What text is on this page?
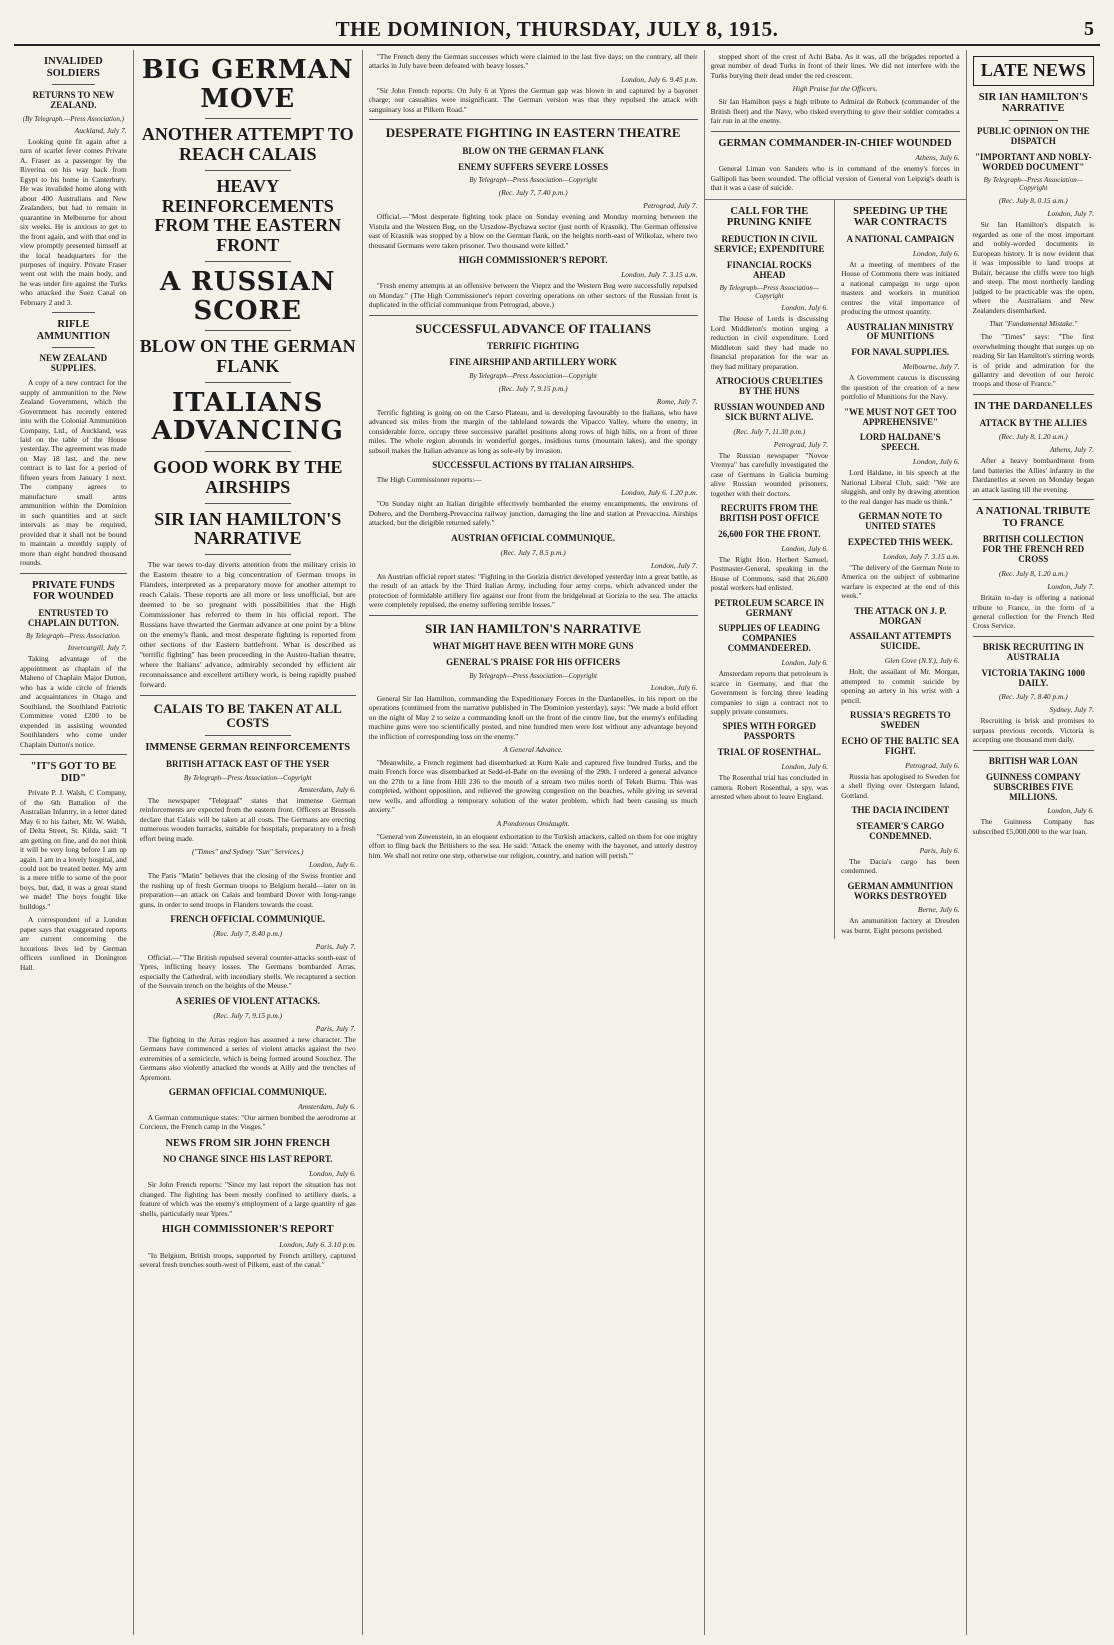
THE DOMINION, THURSDAY, JULY 8, 1915.	5
INVALIDED SOLDIERS
RETURNS TO NEW ZEALAND.
(By Telegraph.—Press Association.)
Auckland, July 7.

Looking quite fit again after a turn of scarlet fever comes Private A. Fraser as a passenger by the Riverina on his way back from Egypt to his home in Canterbury. He was invalided home along with about 400 Australians and New Zealanders, but had to remain in quarantine in Melbourne for about six weeks. He is anxious to get to the front again, and with that end in view promptly presented himself at the local headquarters for the purposes of inquiry. Private Fraser went out with the main body, and he was under fire against the Turks who attacked the Suez Canal on February 2 and 3.

RIFLE AMMUNITION
NEW ZEALAND SUPPLIES.

A copy of a new contract for the supply of ammunition to the New Zealand Government, which the Government has recently entered into with the Colonial Ammunition Company, Ltd., of Auckland, was laid on the table of the House yesterday. The agreement was made on May 18 last, and the new contract is to last for a period of fifteen years from January 1 next. The company agrees to manufacture small arms ammunition within the Dominion in such quantities and at such intervals as may be required, provided that it shall not be bound to maintain a monthly supply of more than eight hundred thousand rounds.

PRIVATE FUNDS FOR WOUNDED
ENTRUSTED TO CHAPLAIN DUTTON.
By Telegraph—Press Association.
Invercargill, July 7.

Taking advantage of the appointment as chaplain of the Maheno of Chaplain Major Dutton, who has a wide circle of friends and acquaintances in Otago and Southland, the Southland Patriotic Committee voted £200 to be expended in assisting wounded Southlanders who come under Chaplain Dutton's notice.

"IT'S GOT TO BE DID"

Private P. J. Walsh, C Company, of the 6th Battalion of the Australian Infantry, in a letter dated May 6 to his father, Mr. W. Walsh, of Delta Street, St. Kilda, said: "I am getting on fine, and do not think it will be very long before I am up again. I am in a lovely hospital, and could not be treated better. My arm is a mere trifle to some of the poor boys, but, dad, it was a great stand we made! The boys fought like bulldogs."

A correspondent of a London paper says that exaggerated reports are current concerning the luxurious lives led by German officers confined in Donington Hall.

BIG GERMAN MOVE
ANOTHER ATTEMPT TO REACH CALAIS
HEAVY REINFORCEMENTS FROM THE EASTERN FRONT
A RUSSIAN SCORE
BLOW ON THE GERMAN FLANK
ITALIANS ADVANCING
GOOD WORK BY THE AIRSHIPS
SIR IAN HAMILTON'S NARRATIVE

The war news to-day diverts attention from the military crisis in the Eastern theatre to a big concentration of German troops in Flanders, interpreted as a preparatory move for another attempt to reach Calais. These reports are all more or less unofficial, but are deemed to be so pregnant with possibilities that the High Commissioner has referred to them in his official report. The Russians have thwarted the German advance at one point by a blow on the enemy's flank, and most desperate fighting is reported from other sections of the Eastern battlefront. What is described as "terrific fighting" has been proceeding in the Austro-Italian theatre, where the Italians' advance, admirably seconded by efficient air reconnaissance and excellent artillery work, is being rapidly pushed forward.

CALAIS TO BE TAKEN AT ALL COSTS
IMMENSE GERMAN REINFORCEMENTS
BRITISH ATTACK EAST OF THE YSER
By Telegraph—Press Association—Copyright
Amsterdam, July 6.

The newspaper "Telegraaf" states that immense German reinforcements are expected from the eastern front. Officers at Brussels declare that Calais will be taken at all costs. The Germans are erecting numerous wooden barracks, suitable for hospitals, preparatory to a fresh effort being made.

("Times" and Sydney "Sun" Services.)
London, July 6.

The Paris "Matin" believes that the closing of the Swiss frontier and the rushing up of fresh German troops to Belgium herald—later on in preparation—an attack on Calais and bombard Dover with long-range guns, in order to send troops in Flanders towards the coast.

FRENCH OFFICIAL COMMUNIQUE.
(Rec. July 7, 8.40 p.m.)
Paris, July 7.

Official.—"The British repulsed several counter-attacks south-east of Ypres, inflicting heavy losses. The Germans bombarded Arras, especially the Cathedral, with incendiary shells. We recaptured a section of the Souvain trench on the heights of the Meuse."

A SERIES OF VIOLENT ATTACKS.
(Rec. July 7, 9.15 p.m.)
Paris, July 7.

The fighting in the Arras region has assumed a new character. The Germans have commenced a series of violent attacks against the two extremities of a semicircle, which is being formed around Souchez. The Germans also violently attacked the woods at Ailly and the trenches of Apremont.

GERMAN OFFICIAL COMMUNIQUE.
Amsterdam, July 6.

A German communique states: "Our airmen bombed the aerodrome at Corcieux, the French camp in the Vosges."

NEWS FROM SIR JOHN FRENCH
NO CHANGE SINCE HIS LAST REPORT.
London, July 6.

Sir John French reports: "Since my last report the situation has not changed. The fighting has been mostly confined to artillery duels, a feature of which was the enemy's employment of a large quantity of gas shells, particularly near Ypres."

HIGH COMMISSIONER'S REPORT
London, July 6. 3.10 p.m.

"In Belgium, British troops, supported by French artillery, captured several fresh trenches south-west of Pilkem, east of the canal."

"The French deny the German successes which were claimed in the last five days; on the contrary, all their attacks in July have been defeated with heavy losses."

London, July 6. 9.45 p.m.

"Sir John French reports: On July 6 at Ypres the German gap was blown in and captured by a bayonet charge; our casualties were insignificant. The German version was that they repulsed the attack with sanguinary loss at Pilkem Road."

DESPERATE FIGHTING IN EASTERN THEATRE
BLOW ON THE GERMAN FLANK
ENEMY SUFFERS SEVERE LOSSES
By Telegraph—Press Association—Copyright
(Rec. July 7, 7.40 p.m.)
Petrograd, July 7.

Official.—"Most desperate fighting took place on Sunday evening and Monday morning between the Vistula and the Western Bug, on the Urszdow-Bychawa sector (just north of Krasnik). The German offensive east of Krasnik was stopped by a blow on the German flank, on the heights north-east of Wilkolaz, where two thousand Germans were taken prisoner. Two thousand were killed."

HIGH COMMISSIONER'S REPORT.
London, July 7. 3.15 a.m.

"Fresh enemy attempts at an offensive between the Vieprz and the Western Bug were successfully repulsed on Monday." (The High Commissioner's report covering operations on other sectors of the Russian front is duplicated in the official communique from Petrograd, above.)

SUCCESSFUL ADVANCE OF ITALIANS
TERRIFIC FIGHTING
FINE AIRSHIP AND ARTILLERY WORK
By Telegraph—Press Association—Copyright
(Rec. July 7, 9.15 p.m.)
Rome, July 7.

Terrific fighting is going on on the Carso Plateau, and is developing favourably to the Italians, who have advanced six miles from the margin of the tableland towards the Vipacco Valley, where the enemy, in considerable force, occupy three successive parallel positions along rows of high hills, on a front of three miles. The whole region abounds in wonderful gorges, insidious turns (mountain lakes), and the spongy subsoil makes the Italian advance as long as sole-ely by invasion.

SUCCESSFUL ACTIONS BY ITALIAN AIRSHIPS.

The High Commissioner reports:—

London, July 6. 1.20 p.m.

"On Sunday night an Italian dirigible effectively bombarded the enemy encampments, the environs of Dobero, and the Dornberg-Prevaccina railway junction, damaging the line and station at Prevaccina. Airships attacked, but the dirigible returned safely."

AUSTRIAN OFFICIAL COMMUNIQUE.
(Rec. July 7, 8.5 p.m.)
London, July 7.

An Austrian official report states: "Fighting in the Gorizia district developed yesterday into a great battle, as the result of an attack by the Third Italian Army, including four army corps, which advanced under the protection of formidable artillery fire against our front from the bridgehead at Gorizia to the sea. The attacks were completely repulsed, the enemy suffering terrible losses."

SIR IAN HAMILTON'S NARRATIVE
WHAT MIGHT HAVE BEEN WITH MORE GUNS
GENERAL'S PRAISE FOR HIS OFFICERS
By Telegraph—Press Association—Copyright
London, July 6.

General Sir Ian Hamilton, commanding the Expeditionary Forces in the Dardanelles, in his report on the operations (continued from the narrative published in The Dominion yesterday), says: "We made a bold effort on the night of May 2 to seize a commanding knoll on the front of the centre line, but the enemy's enfilading machine guns were too scientifically posted, and nine hundred men were lost without any advantage beyond the infliction of corresponding loss on the enemy."

A General Advance.

"Meanwhile, a French regiment had disembarked at Kum Kale and captured five hundred Turks, and the main French force was disembarked at Sedd-el-Bahr on the evening of the 29th. I ordered a general advance on the 27th to a line from Hill 236 to the mouth of a stream two miles north of Tekeh Burnu. This was completed, without opposition, and relieved the growing congestion on the beaches, while giving us several new wells, and affording a temporary solution of the water problem, which had been causing us much anxiety."

A Pondorous Onslaught.

"General von Zowenstein, in an eloquent exhortation to the Turkish attackers, called on them for one mighty effort to fling back the Britishers to the sea. He said: 'Attack the enemy with the bayonet, and utterly destroy him. We shall not retire one step, otherwise our religion, country, and nation will perish.'"

stopped short of the crest of Achi Baba. As it was, all the brigades reported a great number of dead Turks in front of their lines. We did not interfere with the Turks burying their dead under the red crescent.

High Praise for the Officers.

Sir Ian Hamilton pays a high tribute to Admiral de Robeck (commander of the British fleet) and the Navy, who risked everything to give their soldier comrades a fair run in at the enemy.

GERMAN COMMANDER-IN-CHIEF WOUNDED
Athens, July 6.

General Liman von Sanders who is in command of the enemy's forces in Gallipoli has been wounded. The official version of General von Leipzig's death is that it was a case of suicide.

CALL FOR THE PRUNING KNIFE
REDUCTION IN CIVIL SERVICE; EXPENDITURE
FINANCIAL ROCKS AHEAD
By Telegraph—Press Association—Copyright
London, July 6.

The House of Lords is discussing Lord Middleton's motion urging a reduction in civil expenditure. Lord Middleton said they had made no financial preparation for the war as they had military preparation.

ATROCIOUS CRUELTIES BY THE HUNS
RUSSIAN WOUNDED AND SICK BURNT ALIVE.
(Rec. July 7, 11.30 p.m.)
Petrograd, July 7.

The Russian newspaper "Novoe Vremya" has carefully investigated the case of Germans in Galicia burning alive Russian wounded prisoners, together with their doctors.

RECRUITS FROM THE BRITISH POST OFFICE
26,600 FOR THE FRONT.
London, July 6.

The Right Hon. Herbert Samuel, Postmaster-General, speaking in the House of Commons, said that 26,600 postal workers had enlisted.

PETROLEUM SCARCE IN GERMANY
SUPPLIES OF LEADING COMPANIES COMMANDEERED.
London, July 6.

Amsterdam reports that petroleum is scarce in Germany, and that the Government is forcing three leading companies to sign a contract not to supply private consumers.

SPIES WITH FORGED PASSPORTS
TRIAL OF ROSENTHAL.
London, July 6.

The Rosenthal trial has concluded in camera. Robert Rosenthal, a spy, was arrested when about to leave England.

SPEEDING UP THE WAR CONTRACTS
A NATIONAL CAMPAIGN
London, July 6.

At a meeting of members of the House of Commons there was initiated a national campaign to urge upon masters and workers in munition centres the vital importance of producing the utmost quantity.

AUSTRALIAN MINISTRY OF MUNITIONS
FOR NAVAL SUPPLIES.
Melbourne, July 7.

A Government caucus is discussing the question of the creation of a new portfolio of Munitions for the Navy.

"WE MUST NOT GET TOO APPREHENSIVE"
LORD HALDANE'S SPEECH.
London, July 6.

Lord Haldane, in his speech at the National Liberal Club, said: "We are sluggish, and only by drawing attention to the real danger has made us think."

GERMAN NOTE TO UNITED STATES
EXPECTED THIS WEEK.
London, July 7. 3.15 a.m.

"The delivery of the German Note to America on the subject of submarine warfare is expected at the end of this week."

THE ATTACK ON J. P. MORGAN
ASSAILANT ATTEMPTS SUICIDE.
Glen Cove (N.Y.), July 6.

Holt, the assailant of Mr. Morgan, attempted to commit suicide by opening an artery in his wrist with a pencil.

RUSSIA'S REGRETS TO SWEDEN
ECHO OF THE BALTIC SEA FIGHT.
Petrograd, July 6.

Russia has apologised to Sweden for a shell flying over Ostergarn Island, Gottland.

THE DACIA INCIDENT
STEAMER'S CARGO CONDEMNED.
Paris, July 6.

The Dacia's cargo has been condemned.

GERMAN AMMUNITION WORKS DESTROYED
Berne, July 6.

An ammunition factory at Dresden was burnt. Eight persons perished.

LATE NEWS
SIR IAN HAMILTON'S NARRATIVE
PUBLIC OPINION ON THE DISPATCH
"IMPORTANT AND NOBLY-WORDED DOCUMENT"
By Telegraph—Press Association—Copyright
(Rec. July 8, 0.15 a.m.)
London, July 7.

Sir Ian Hamilton's dispatch is regarded as one of the most important and nobly-worded documents in European history. It is now evident that it was impossible to land troops at Bulair, because the cliffs were too high and steep. The most northerly landing judged to be practicable was the open, where the Australians and New Zealanders disembarked.

That "Fundamental Mistake."

The "Times" says: "The first overwhelming thought that surges up on reading Sir Ian Hamilton's stirring words is of pride and admiration for the gallantry and devotion of our heroic troops and those of France."

IN THE DARDANELLES
ATTACK BY THE ALLIES
(Rec. July 8, 1.20 a.m.)
Athens, July 7.

After a heavy bombardment from land batteries the Allies' infantry in the Dardanelles at seven on Monday began an attack lasting till the evening.

A NATIONAL TRIBUTE TO FRANCE
BRITISH COLLECTION FOR THE FRENCH RED CROSS
(Rec. July 8, 1.20 a.m.)
London, July 7.

Britain to-day is offering a national tribute to France, in the form of a general collection for the French Red Cross Service.

BRISK RECRUITING IN AUSTRALIA
VICTORIA TAKING 1000 DAILY.
(Rec. July 7, 8.40 p.m.)
Sydney, July 7.

Recruiting is brisk and promises to surpass previous records. Victoria is accepting one thousand men daily.

BRITISH WAR LOAN
GUINNESS COMPANY SUBSCRIBES FIVE MILLIONS.
London, July 6.

The Guinness Company has subscribed £5,000,000 to the war loan.
